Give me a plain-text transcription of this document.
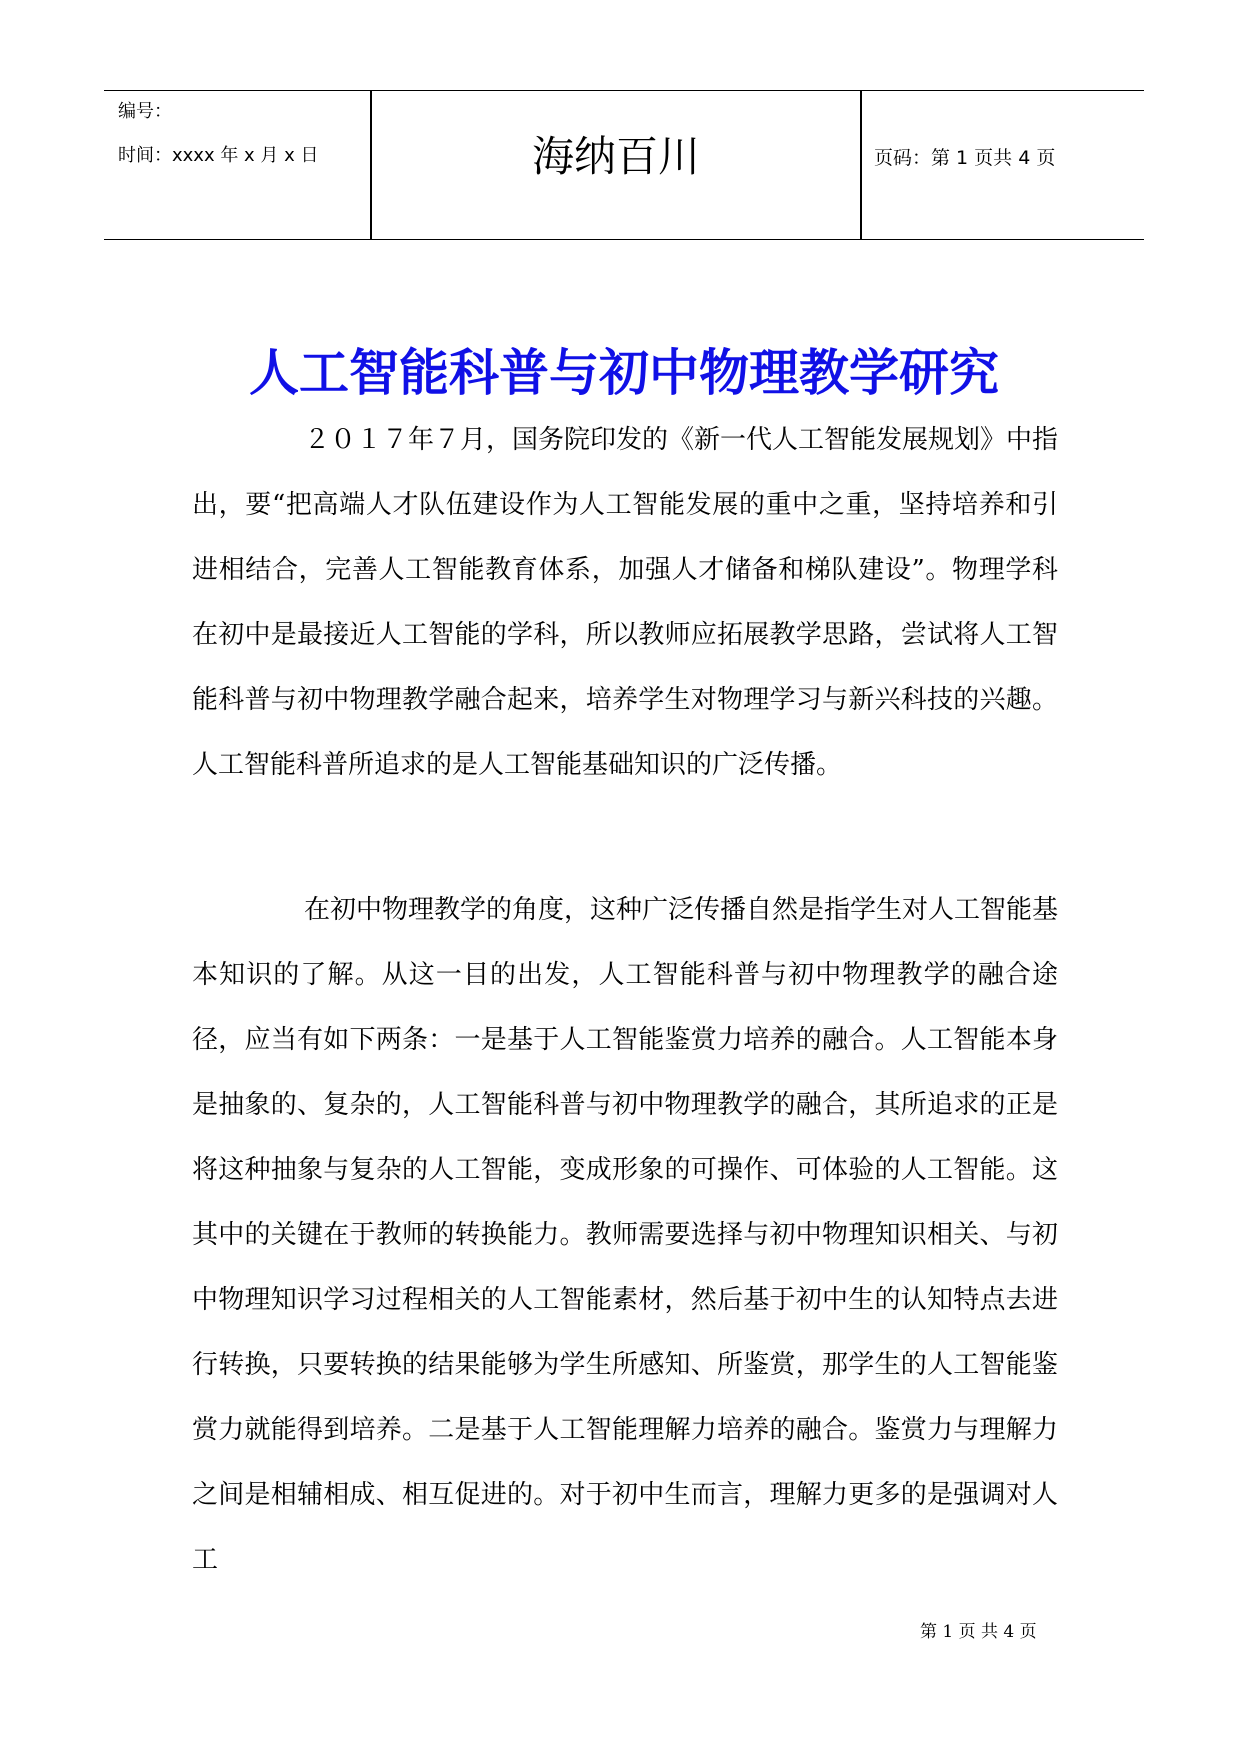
编号：
时间：xxxx 年 x 月 x 日	海纳百川	页码：第 1 页共 4 页
人工智能科普与初中物理教学研究

２０１７年７月，国务院印发的《新一代人工智能发展规划》中指出，要“把高端人才队伍建设作为人工智能发展的重中之重，坚持培养和引进相结合，完善人工智能教育体系，加强人才储备和梯队建设”。物理学科在初中是最接近人工智能的学科，所以教师应拓展教学思路，尝试将人工智能科普与初中物理教学融合起来，培养学生对物理学习与新兴科技的兴趣。人工智能科普所追求的是人工智能基础知识的广泛传播。

在初中物理教学的角度，这种广泛传播自然是指学生对人工智能基本知识的了解。从这一目的出发，人工智能科普与初中物理教学的融合途径，应当有如下两条：一是基于人工智能鉴赏力培养的融合。人工智能本身是抽象的、复杂的，人工智能科普与初中物理教学的融合，其所追求的正是将这种抽象与复杂的人工智能，变成形象的可操作、可体验的人工智能。这其中的关键在于教师的转换能力。教师需要选择与初中物理知识相关、与初中物理知识学习过程相关的人工智能素材，然后基于初中生的认知特点去进行转换，只要转换的结果能够为学生所感知、所鉴赏，那学生的人工智能鉴赏力就能得到培养。二是基于人工智能理解力培养的融合。鉴赏力与理解力之间是相辅相成、相互促进的。对于初中生而言，理解力更多的是强调对人工

第 1 页 共 4 页
